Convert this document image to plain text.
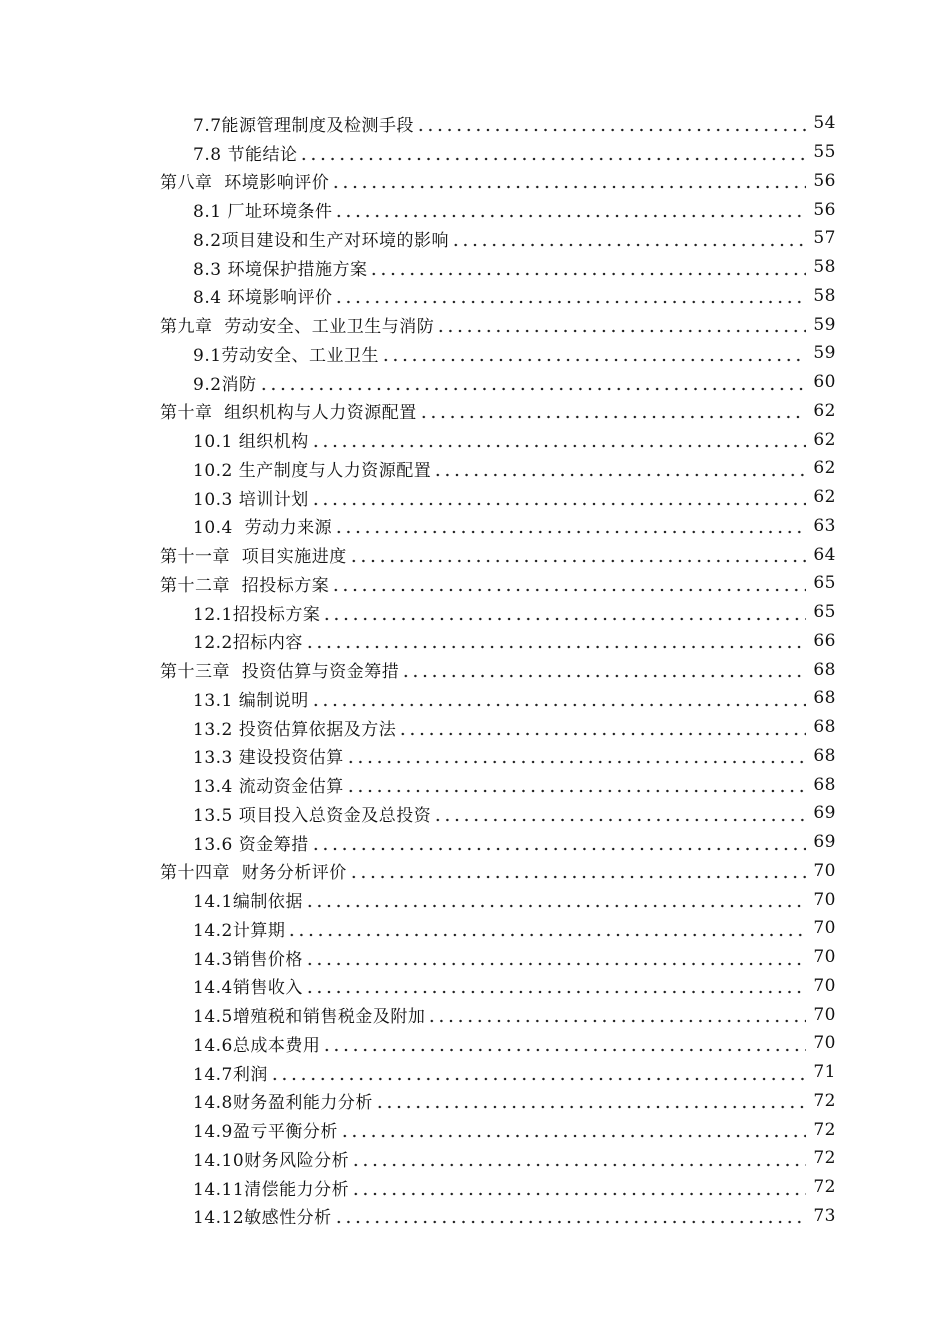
7.7能源管理制度及检测手段	54
7.8 节能结论	55
第八章  环境影响评价	56
8.1 厂址环境条件	56
8.2项目建设和生产对环境的影响	57
8.3 环境保护措施方案	58
8.4 环境影响评价	58
第九章  劳动安全、工业卫生与消防	59
9.1劳动安全、工业卫生	59
9.2消防	60
第十章  组织机构与人力资源配置	62
10.1 组织机构	62
10.2 生产制度与人力资源配置	62
10.3 培训计划	62
10.4  劳动力来源	63
第十一章  项目实施进度	64
第十二章  招投标方案	65
12.1招投标方案	65
12.2招标内容	66
第十三章  投资估算与资金筹措	68
13.1 编制说明	68
13.2 投资估算依据及方法	68
13.3 建设投资估算	68
13.4 流动资金估算	68
13.5 项目投入总资金及总投资	69
13.6 资金筹措	69
第十四章  财务分析评价	70
14.1编制依据	70
14.2计算期	70
14.3销售价格	70
14.4销售收入	70
14.5增殖税和销售税金及附加	70
14.6总成本费用	70
14.7利润	71
14.8财务盈利能力分析	72
14.9盈亏平衡分析	72
14.10财务风险分析	72
14.11清偿能力分析	72
14.12敏感性分析	73
